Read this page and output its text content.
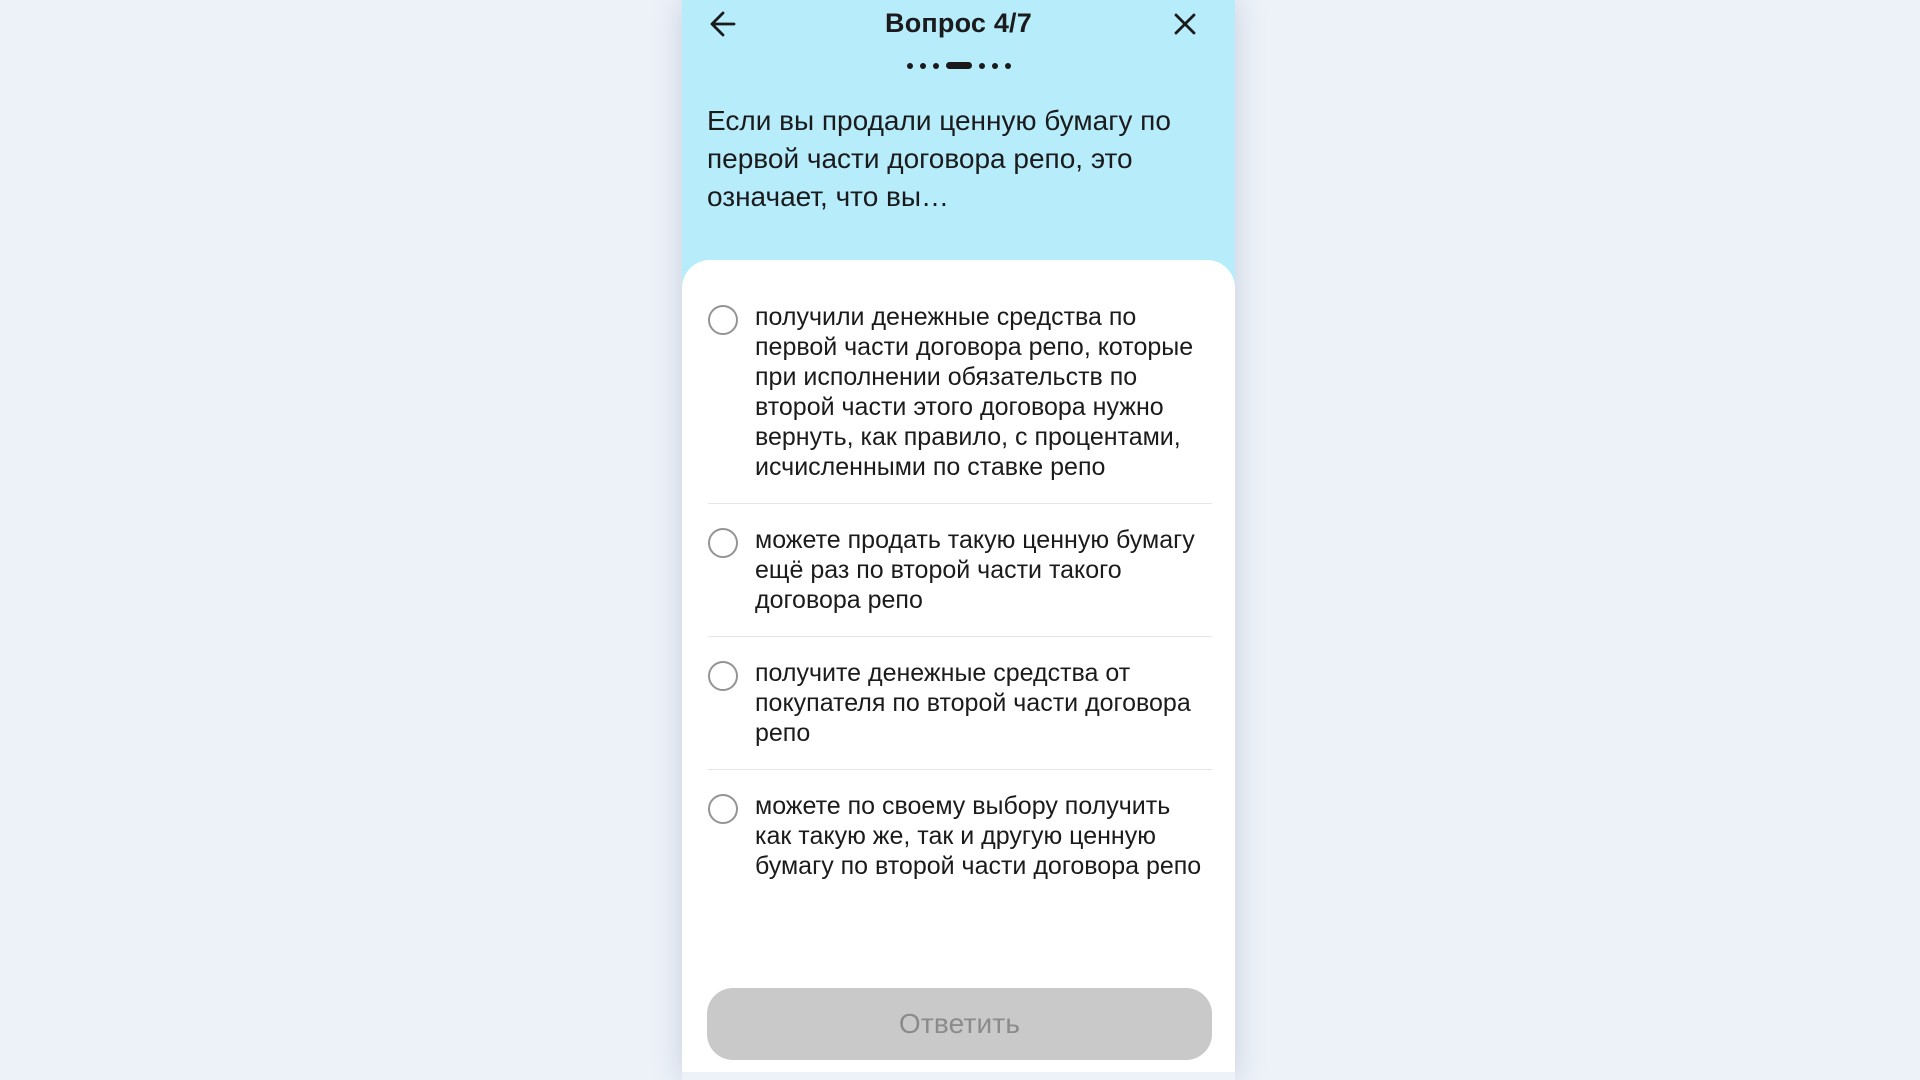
Вопрос 4/7
Если вы продали ценную бумагу по первой части договора репо, это означает, что вы…
получили денежные средства по первой части договора репо, которые при исполнении обязательств по второй части этого договора нужно вернуть, как правило, с процентами, исчисленными по ставке репо
можете продать такую ценную бумагу ещё раз по второй части такого договора репо
получите денежные средства от покупателя по второй части договора репо
можете по своему выбору получить как такую же, так и другую ценную бумагу по второй части договора репо
Ответить
